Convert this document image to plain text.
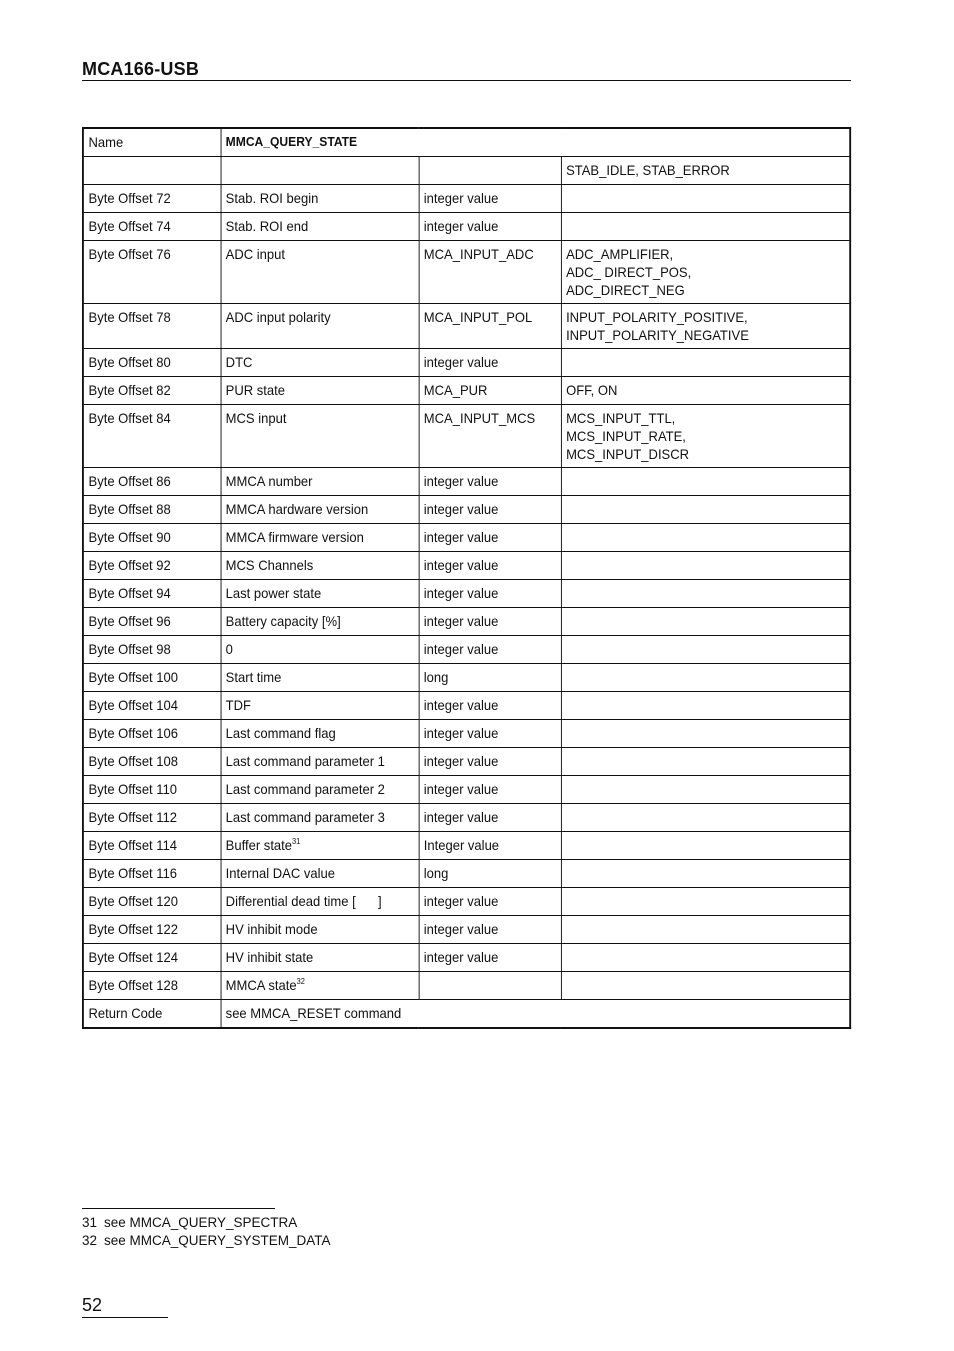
MCA166-USB
Name	MMCA_QUERY_STATE		
			STAB_IDLE, STAB_ERROR
Byte Offset 72	Stab. ROI begin	integer value	
Byte Offset 74	Stab. ROI end	integer value	
Byte Offset 76	ADC input	MCA_INPUT_ADC	ADC_AMPLIFIER,
ADC_ DIRECT_POS,
ADC_DIRECT_NEG

Byte Offset 78	ADC input polarity	MCA_INPUT_POL	INPUT_POLARITY_POSITIVE,
INPUT_POLARITY_NEGATIVE

Byte Offset 80	DTC	integer value	
Byte Offset 82	PUR state	MCA_PUR	OFF, ON
Byte Offset 84	MCS input	MCA_INPUT_MCS	MCS_INPUT_TTL,
MCS_INPUT_RATE,
MCS_INPUT_DISCR

Byte Offset 86	MMCA number	integer value	
Byte Offset 88	MMCA hardware version	integer value	
Byte Offset 90	MMCA firmware version	integer value	
Byte Offset 92	MCS Channels	integer value	
Byte Offset 94	Last power state	integer value	
Byte Offset 96	Battery capacity [%]	integer value	
Byte Offset 98	0	integer value	
Byte Offset 100	Start time	long	
Byte Offset 104	TDF	integer value	
Byte Offset 106	Last command flag	integer value	
Byte Offset 108	Last command parameter 1	integer value	
Byte Offset 110	Last command parameter 2	integer value	
Byte Offset 112	Last command parameter 3	integer value	
Byte Offset 114	Buffer state$^{31}$	Integer value	
Byte Offset 116	Internal DAC value	long	
Byte Offset 120	Differential dead time [ ]	integer value	
Byte Offset 122	HV inhibit mode	integer value	
Byte Offset 124	HV inhibit state	integer value	
Byte Offset 128	MMCA state$^{32}$		
Return Code	see MMCA_RESET command		
31 see MMCA_QUERY_SPECTRA
32 see MMCA_QUERY_SYSTEM_DATA
52
